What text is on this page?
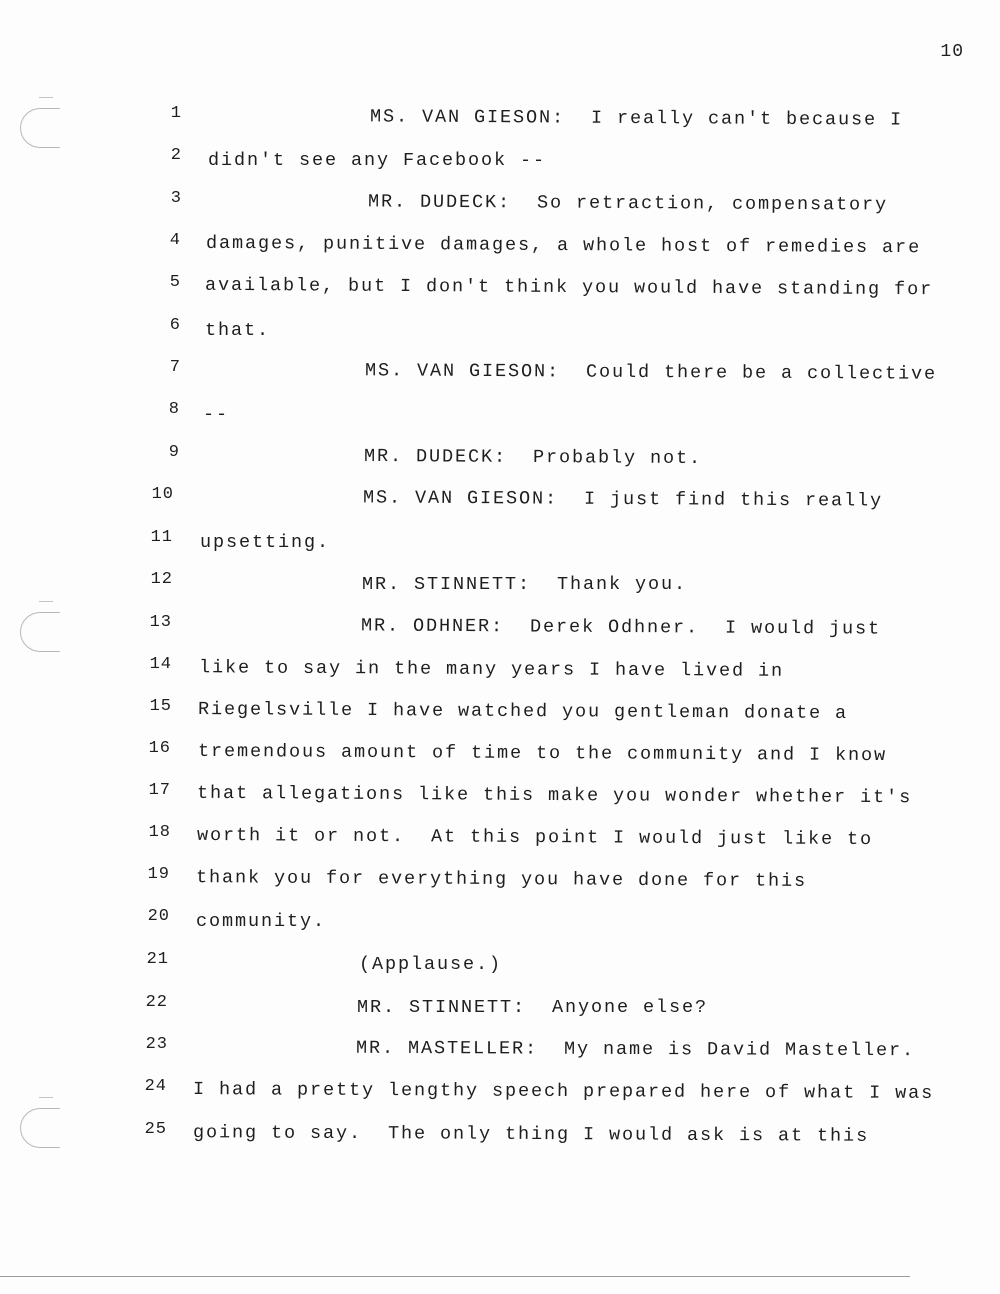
10
1	MS. VAN GIESON:  I really can't because I
2 didn't see any Facebook --
3	MR. DUDECK:  So retraction, compensatory
4 damages, punitive damages, a whole host of remedies are
5 available, but I don't think you would have standing for
6 that.
7	MS. VAN GIESON:  Could there be a collective
8 --
9	MR. DUDECK:  Probably not.
10	MS. VAN GIESON:  I just find this really
11 upsetting.
12	MR. STINNETT:  Thank you.
13	MR. ODHNER:  Derek Odhner.  I would just
14 like to say in the many years I have lived in
15 Riegelsville I have watched you gentleman donate a
16 tremendous amount of time to the community and I know
17 that allegations like this make you wonder whether it's
18 worth it or not.  At this point I would just like to
19 thank you for everything you have done for this
20 community.
21	(Applause.)
22	MR. STINNETT:  Anyone else?
23	MR. MASTELLER:  My name is David Masteller.
24 I had a pretty lengthy speech prepared here of what I was
25 going to say.  The only thing I would ask is at this
